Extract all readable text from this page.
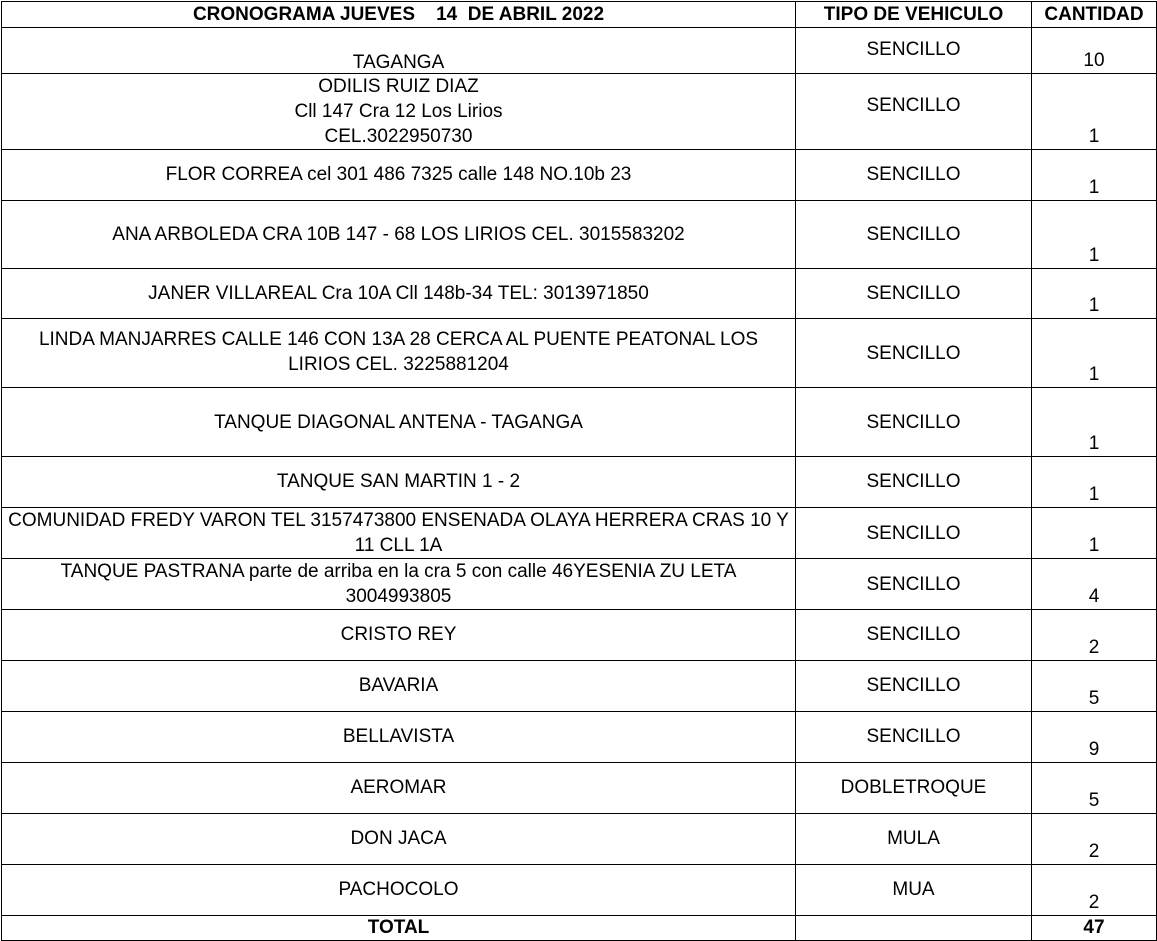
CRONOGRAMA JUEVES    14  DE ABRIL 2022	TIPO DE VEHICULO	CANTIDAD
TAGANGA	SENCILLO	10
ODILIS RUIZ DIAZ
Cll 147 Cra 12 Los Lirios
CEL.3022950730	SENCILLO	1
FLOR CORREA cel 301 486 7325 calle 148 NO.10b 23	SENCILLO	1
ANA ARBOLEDA CRA 10B 147 - 68 LOS LIRIOS CEL. 3015583202	SENCILLO	1
JANER VILLAREAL Cra 10A Cll 148b-34 TEL: 3013971850	SENCILLO	1
LINDA MANJARRES CALLE 146 CON 13A 28 CERCA AL PUENTE PEATONAL LOS LIRIOS CEL. 3225881204	SENCILLO	1
TANQUE DIAGONAL ANTENA - TAGANGA	SENCILLO	1
TANQUE SAN MARTIN 1 - 2	SENCILLO	1
COMUNIDAD FREDY VARON TEL 3157473800 ENSENADA OLAYA HERRERA CRAS 10 Y 11 CLL 1A	SENCILLO	1
TANQUE PASTRANA parte de arriba en la cra 5 con calle 46YESENIA ZU LETA 3004993805	SENCILLO	4
CRISTO REY	SENCILLO	2
BAVARIA	SENCILLO	5
BELLAVISTA	SENCILLO	9
AEROMAR	DOBLETROQUE	5
DON JACA	MULA	2
PACHOCOLO	MUA	2
TOTAL		47
